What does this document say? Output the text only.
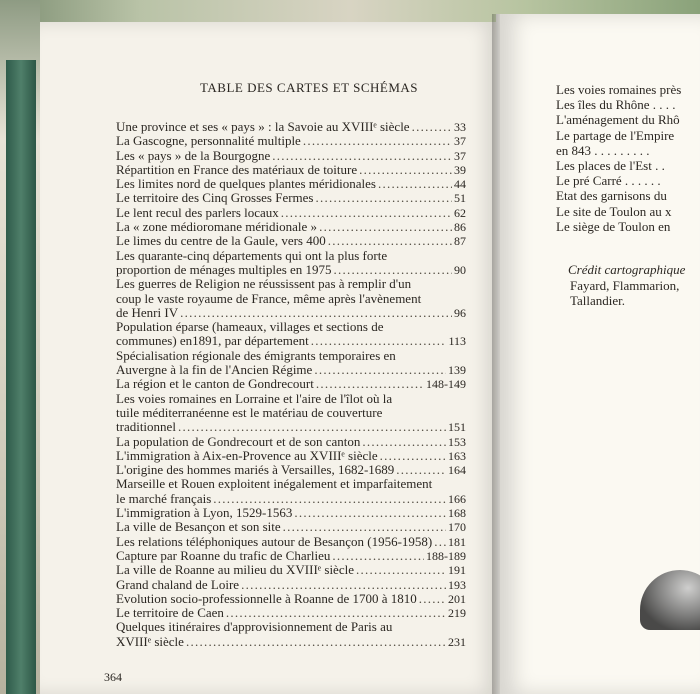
TABLE DES CARTES ET SCHÉMAS
Une province et ses « pays » : la Savoie au XVIIIᵉ siècle . . .	33
La Gascogne, personnalité multiple . . .	37
Les « pays » de la Bourgogne . . .	37
Répartition en France des matériaux de toiture . . .	39
Les limites nord de quelques plantes méridionales . . .	44
Le territoire des Cinq Grosses Fermes . . .	51
Le lent recul des parlers locaux . . .	62
La « zone médioromane méridionale » . . .	86
Le limes du centre de la Gaule, vers 400 . . .	87
Les quarante-cinq départements qui ont la plus forte
proportion de ménages multiples en 1975 . . .	90
Les guerres de Religion ne réussissent pas à remplir d'un
coup le vaste royaume de France, même après l'avènement
de Henri IV . . .	96
Population éparse (hameaux, villages et sections de
communes) en1891, par département . . .	113
Spécialisation régionale des émigrants temporaires en
Auvergne à la fin de l'Ancien Régime . . .	139
La région et le canton de Gondrecourt . . .	148-149
Les voies romaines en Lorraine et l'aire de l'îlot où la
tuile méditerranéenne est le matériau de couverture
traditionnel . . .	151
La population de Gondrecourt et de son canton . . .	153
L'immigration à Aix-en-Provence au XVIIIᵉ siècle . . .	163
L'origine des hommes mariés à Versailles, 1682-1689 . . .	164
Marseille et Rouen exploitent inégalement et imparfaitement
le marché français . . .	166
L'immigration à Lyon, 1529-1563 . . .	168
La ville de Besançon et son site . . .	170
Les relations téléphoniques autour de Besançon (1956-1958) . . . 181
Capture par Roanne du trafic de Charlieu . . .	188-189
La ville de Roanne au milieu du XVIIIᵉ siècle . . .	191
Grand chaland de Loire . . .	193
Evolution socio-professionnelle à Roanne de 1700 à 1810 . . .	201
Le territoire de Caen . . .	219
Quelques itinéraires d'approvisionnement de Paris au
XVIIIᵉ siècle . . .	231
364
Les voies romaines près
Les îles du Rhône . . . .
L'aménagement du Rhô
Le partage de l'Empire
en 843 . . . . . . . . .
Les places de l'Est . .
Le pré Carré . . . . . .
Etat des garnisons du
Le site de Toulon au x
Le siège de Toulon en
Crédit cartographique
Fayard, Flammarion,
Tallandier.
